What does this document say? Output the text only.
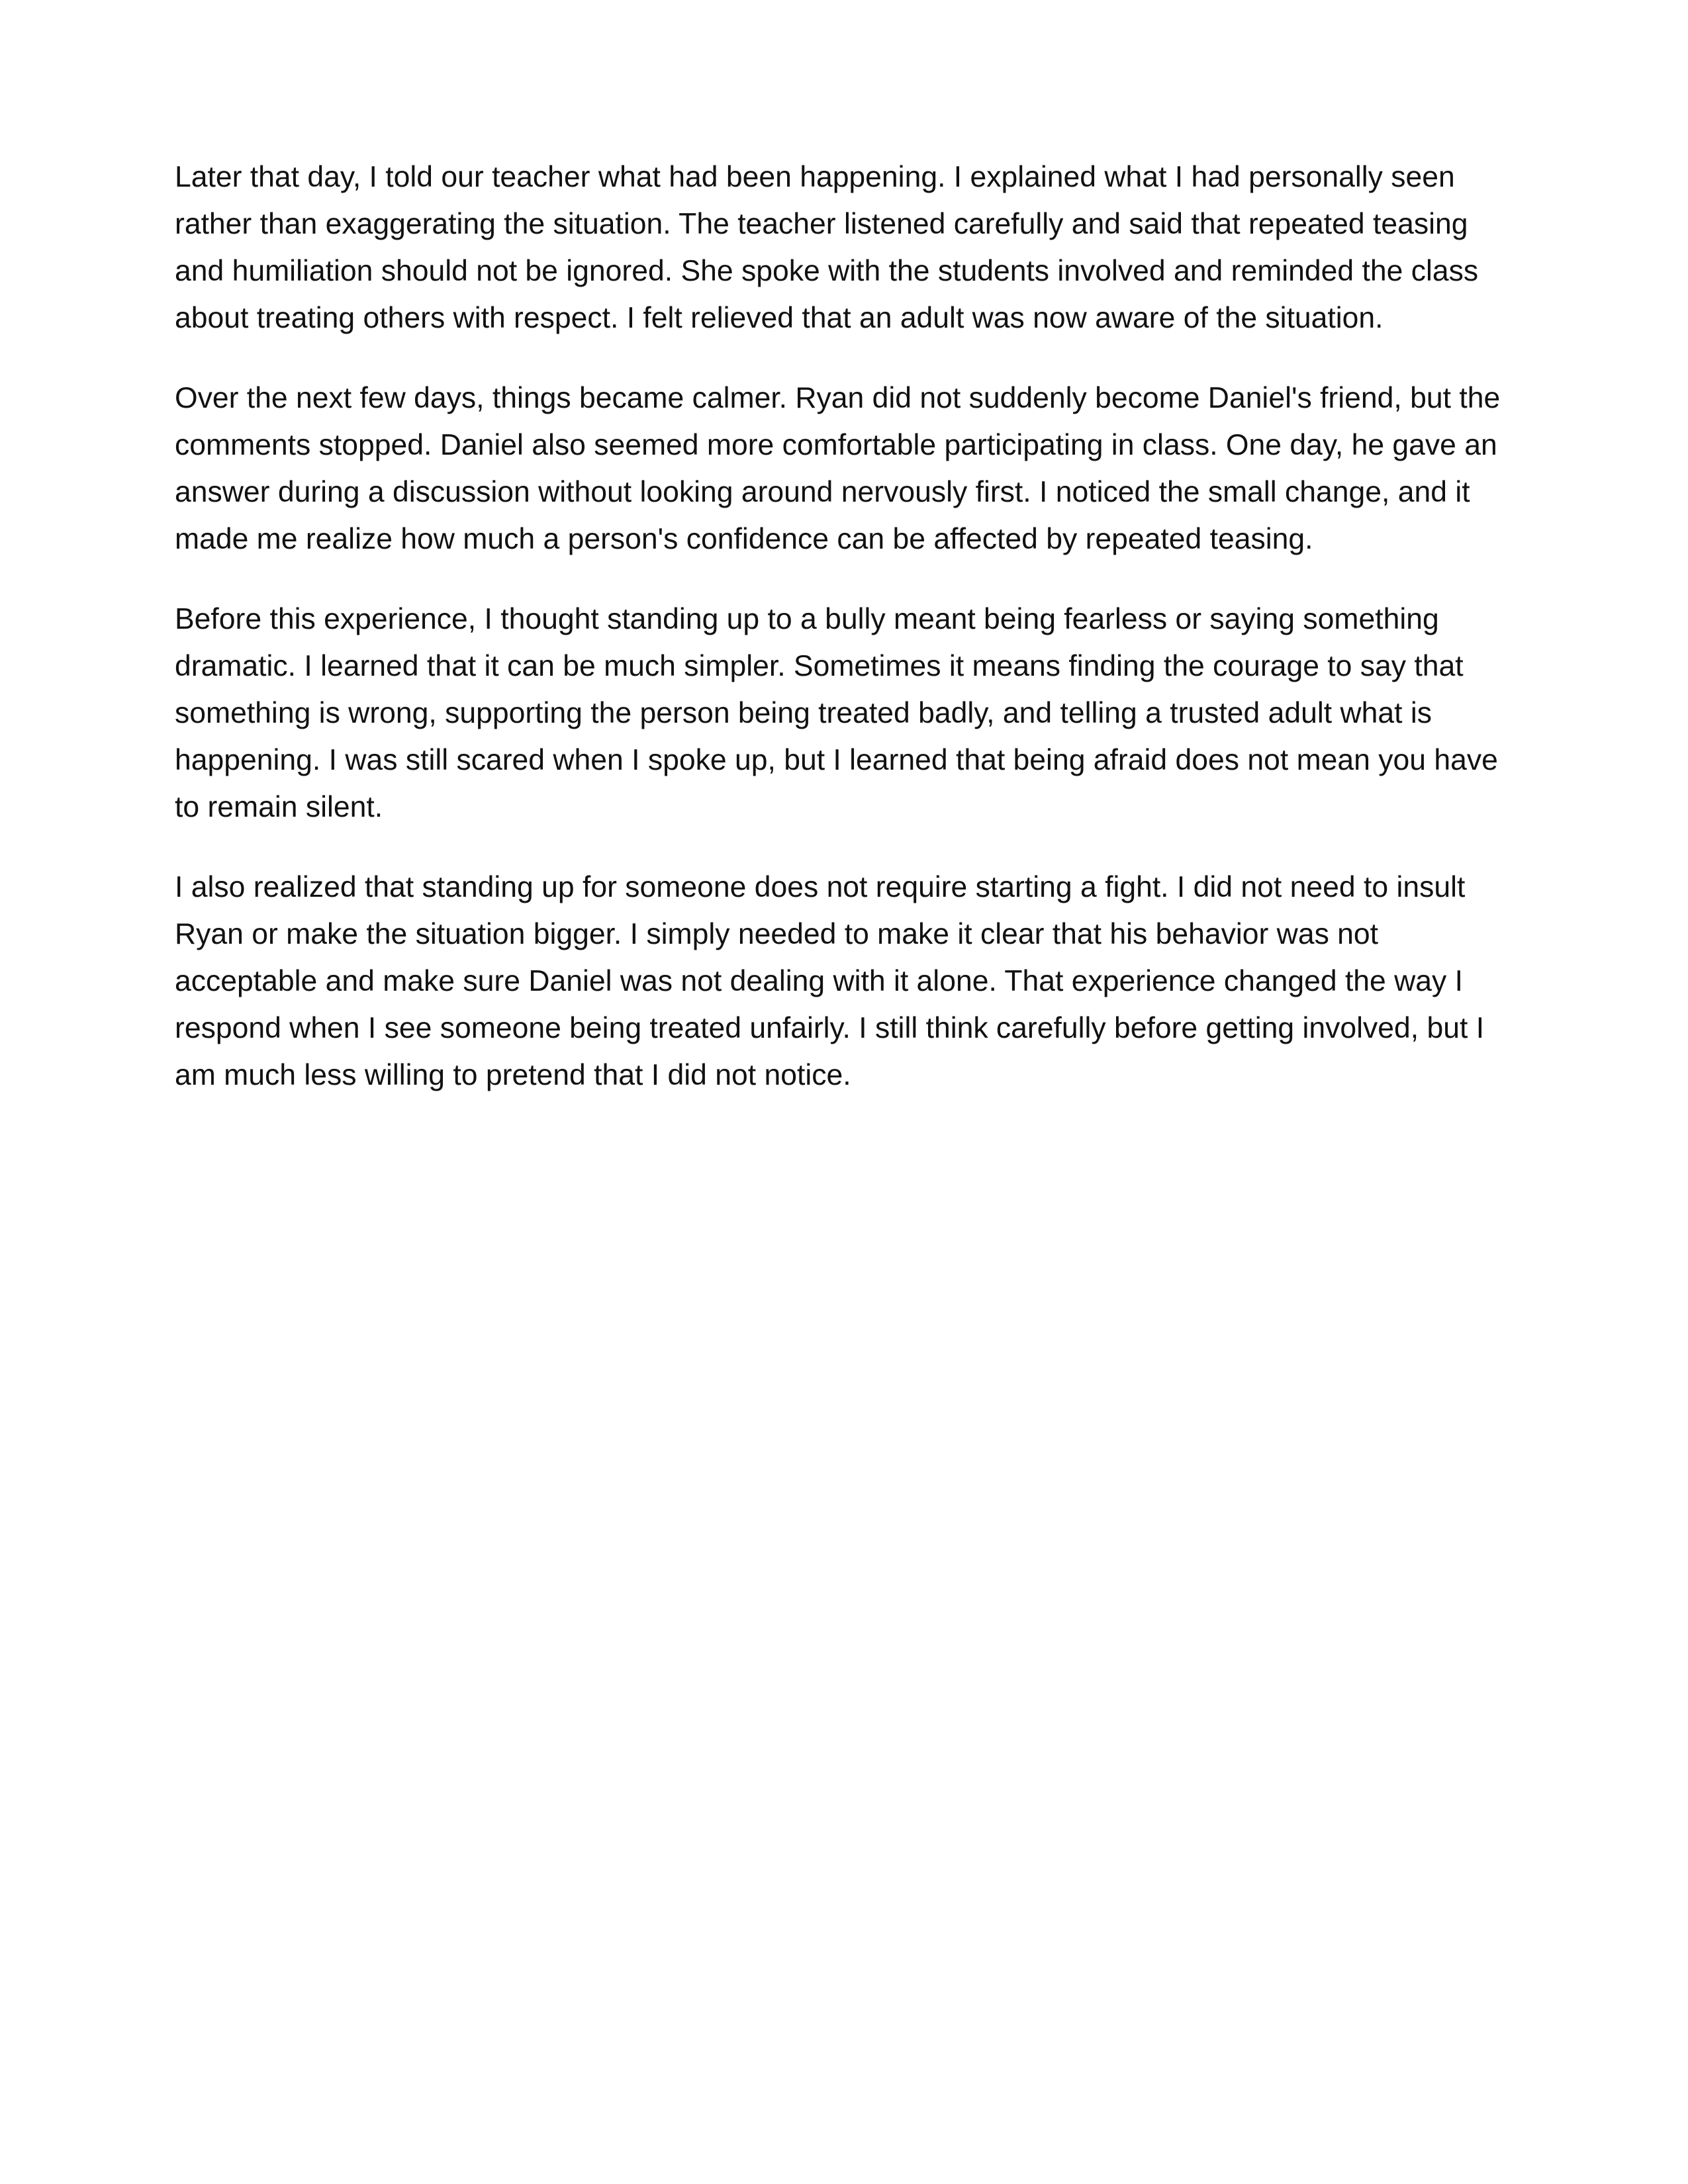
Later that day, I told our teacher what had been happening. I explained what I had personally seen rather than exaggerating the situation. The teacher listened carefully and said that repeated teasing and humiliation should not be ignored. She spoke with the students involved and reminded the class about treating others with respect. I felt relieved that an adult was now aware of the situation.

Over the next few days, things became calmer. Ryan did not suddenly become Daniel's friend, but the comments stopped. Daniel also seemed more comfortable participating in class. One day, he gave an answer during a discussion without looking around nervously first. I noticed the small change, and it made me realize how much a person's confidence can be affected by repeated teasing.

Before this experience, I thought standing up to a bully meant being fearless or saying something dramatic. I learned that it can be much simpler. Sometimes it means finding the courage to say that something is wrong, supporting the person being treated badly, and telling a trusted adult what is happening. I was still scared when I spoke up, but I learned that being afraid does not mean you have to remain silent.

I also realized that standing up for someone does not require starting a fight. I did not need to insult Ryan or make the situation bigger. I simply needed to make it clear that his behavior was not acceptable and make sure Daniel was not dealing with it alone. That experience changed the way I respond when I see someone being treated unfairly. I still think carefully before getting involved, but I am much less willing to pretend that I did not notice.
